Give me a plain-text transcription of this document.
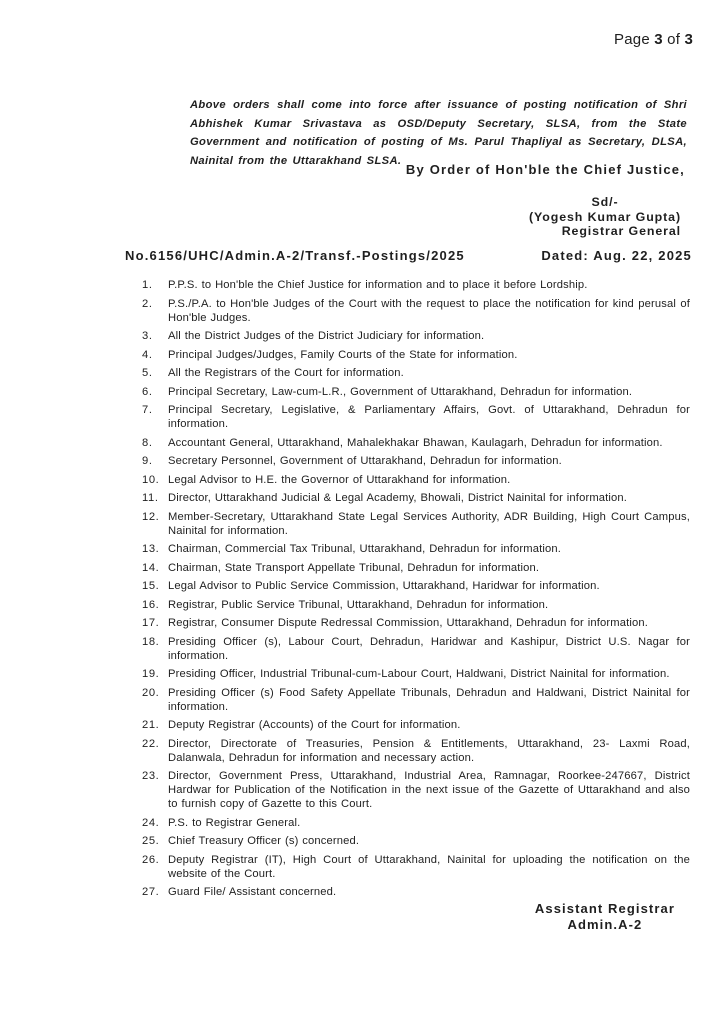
Page 3 of 3
Above orders shall come into force after issuance of posting notification of Shri Abhishek Kumar Srivastava as OSD/Deputy Secretary, SLSA, from the State Government and notification of posting of Ms. Parul Thapliyal as Secretary, DLSA, Nainital from the Uttarakhand SLSA.
By Order of Hon'ble the Chief Justice,
Sd/-
(Yogesh Kumar Gupta)
Registrar General
No.6156/UHC/Admin.A-2/Transf.-Postings/2025	Dated: Aug. 22, 2025
1.	P.P.S. to Hon'ble the Chief Justice for information and to place it before Lordship.
2.	P.S./P.A. to Hon'ble Judges of the Court with the request to place the notification for kind perusal of Hon'ble Judges.
3.	All the District Judges of the District Judiciary for information.
4.	Principal Judges/Judges, Family Courts of the State for information.
5.	All the Registrars of the Court for information.
6.	Principal Secretary, Law-cum-L.R., Government of Uttarakhand, Dehradun for information.
7.	Principal Secretary, Legislative, & Parliamentary Affairs, Govt. of Uttarakhand, Dehradun for information.
8.	Accountant General, Uttarakhand, Mahalekhakar Bhawan, Kaulagarh, Dehradun for information.
9.	Secretary Personnel, Government of Uttarakhand, Dehradun for information.
10. Legal Advisor to H.E. the Governor of Uttarakhand for information.
11. Director, Uttarakhand Judicial & Legal Academy, Bhowali, District Nainital for information.
12. Member-Secretary, Uttarakhand State Legal Services Authority, ADR Building, High Court Campus, Nainital for information.
13. Chairman, Commercial Tax Tribunal, Uttarakhand, Dehradun for information.
14. Chairman, State Transport Appellate Tribunal, Dehradun for information.
15. Legal Advisor to Public Service Commission, Uttarakhand, Haridwar for information.
16. Registrar, Public Service Tribunal, Uttarakhand, Dehradun for information.
17. Registrar, Consumer Dispute Redressal Commission, Uttarakhand, Dehradun for information.
18. Presiding Officer (s), Labour Court, Dehradun, Haridwar and Kashipur, District U.S. Nagar for information.
19. Presiding Officer, Industrial Tribunal-cum-Labour Court, Haldwani, District Nainital for information.
20. Presiding Officer (s) Food Safety Appellate Tribunals, Dehradun and Haldwani, District Nainital for information.
21. Deputy Registrar (Accounts) of the Court for information.
22. Director, Directorate of Treasuries, Pension & Entitlements, Uttarakhand, 23- Laxmi Road, Dalanwala, Dehradun for information and necessary action.
23. Director, Government Press, Uttarakhand, Industrial Area, Ramnagar, Roorkee-247667, District Hardwar for Publication of the Notification in the next issue of the Gazette of Uttarakhand and also to furnish copy of Gazette to this Court.
24. P.S. to Registrar General.
25. Chief Treasury Officer (s) concerned.
26. Deputy Registrar (IT), High Court of Uttarakhand, Nainital for uploading the notification on the website of the Court.
27. Guard File/ Assistant concerned.
Assistant Registrar
Admin.A-2
